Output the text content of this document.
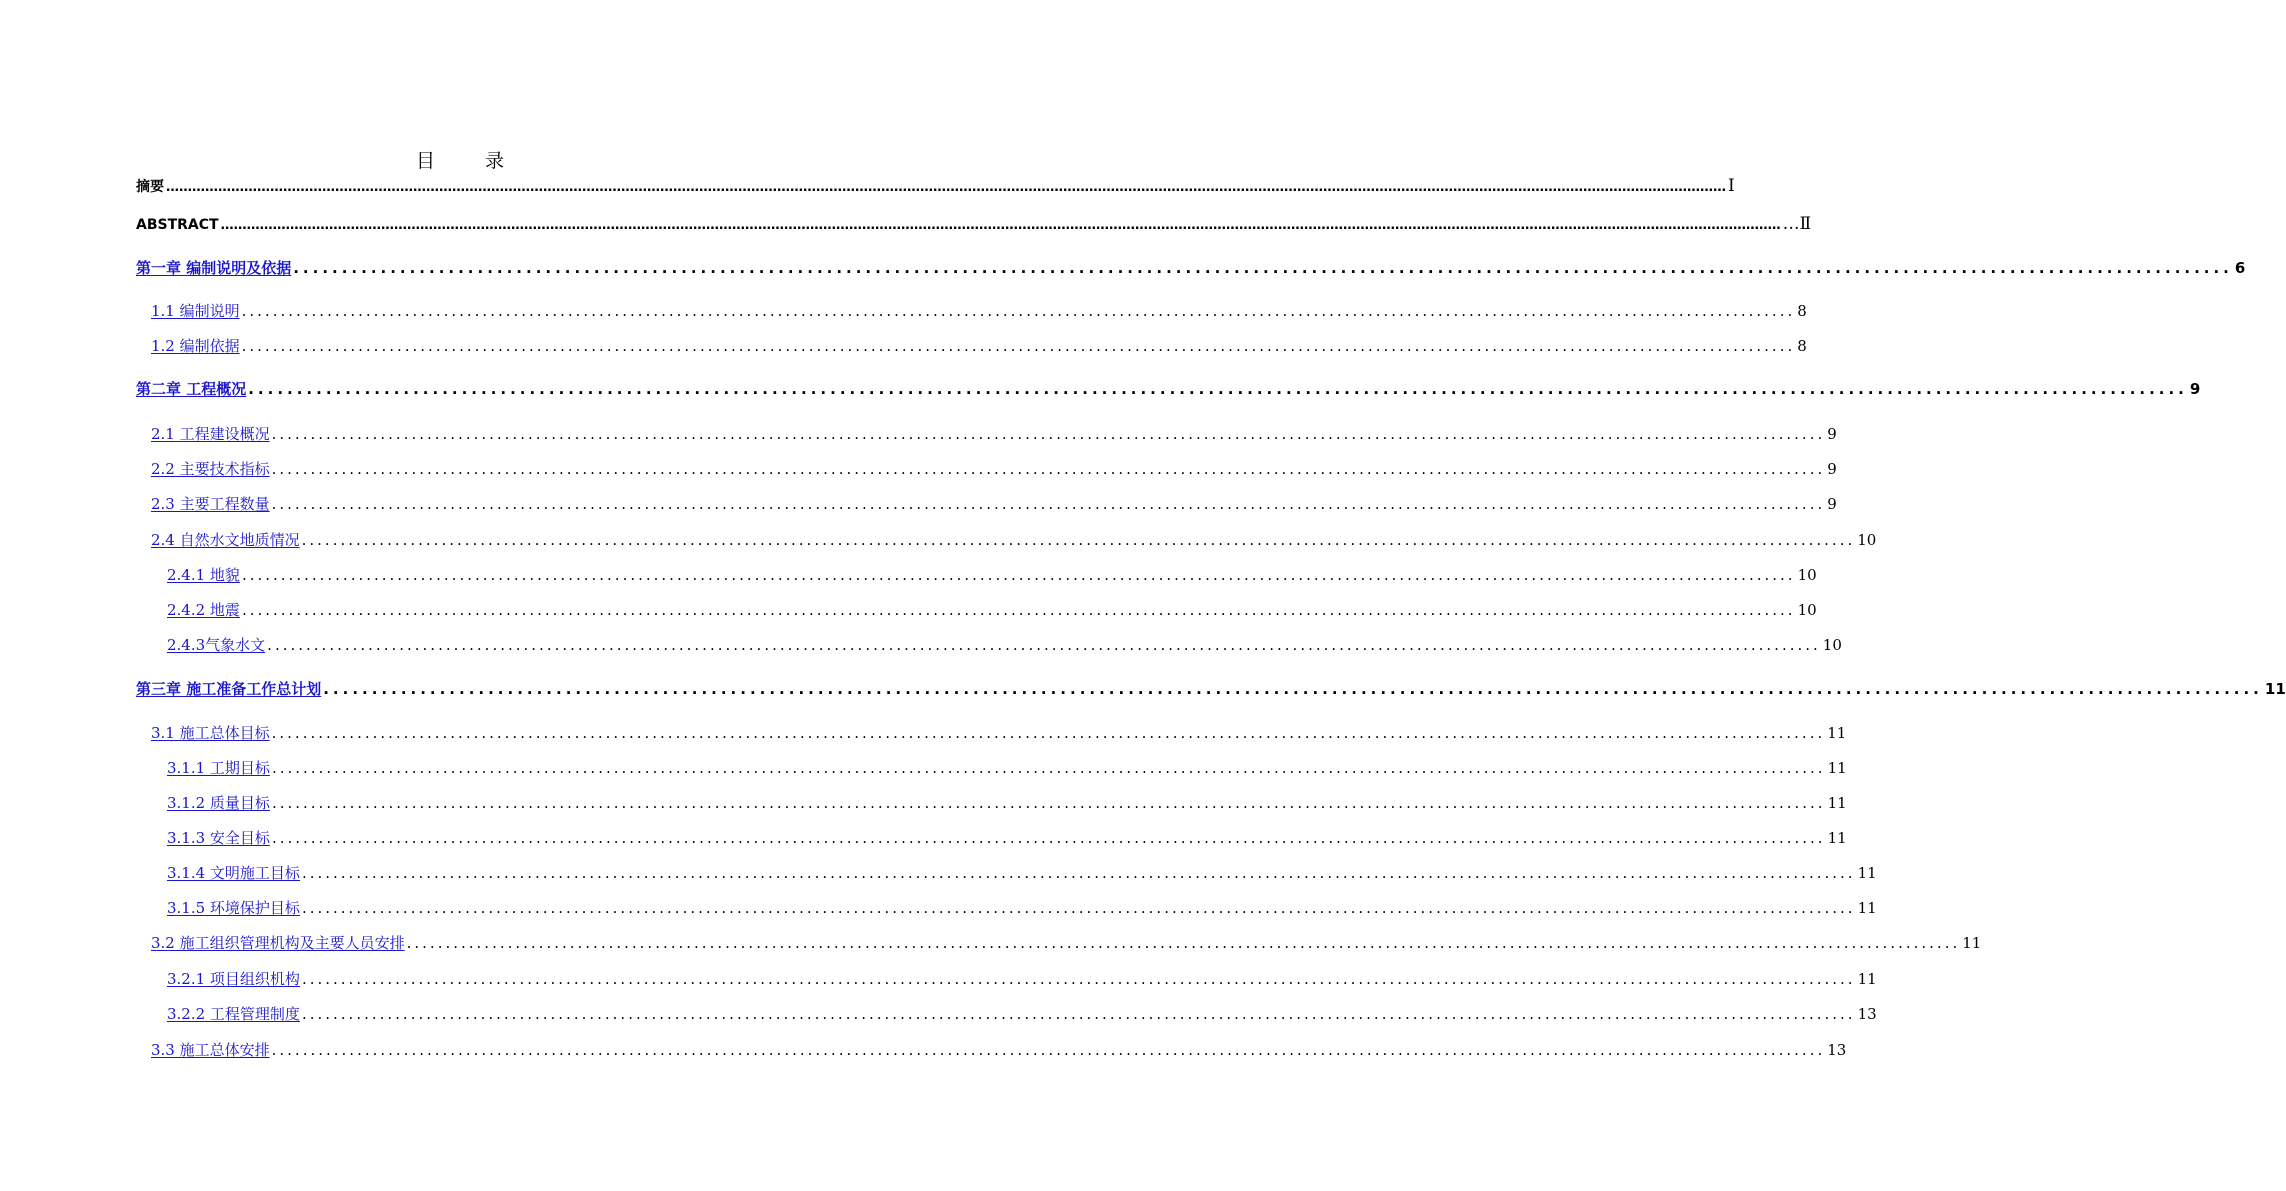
目 录
摘要 ……………………………………………………………………………………………………………………………………………………………………………………………………………………………………………………………………………………………………………………………… Ⅰ
ABSTRACT ……………………………………………………………………………………………………………………………………………………………………………………………………………………………………………………………………………………………………………………………… …Ⅱ
第一章 编制说明及依据 ........................................................................................................................................................................................................ 6
1.1 编制说明 ........................................................................................................................................................................................................ 8
1.2 编制依据 ........................................................................................................................................................................................................ 8
第二章 工程概况 ........................................................................................................................................................................................................ 9
2.1 工程建设概况 ........................................................................................................................................................................................................ 9
2.2 主要技术指标 ........................................................................................................................................................................................................ 9
2.3 主要工程数量 ........................................................................................................................................................................................................ 9
2.4 自然水文地质情况 ........................................................................................................................................................................................................ 10
2.4.1 地貌 ........................................................................................................................................................................................................ 10
2.4.2 地震 ........................................................................................................................................................................................................ 10
2.4.3气象水文 ........................................................................................................................................................................................................ 10
第三章 施工准备工作总计划 ........................................................................................................................................................................................................ 11
3.1 施工总体目标 ........................................................................................................................................................................................................ 11
3.1.1 工期目标 ........................................................................................................................................................................................................ 11
3.1.2 质量目标 ........................................................................................................................................................................................................ 11
3.1.3 安全目标 ........................................................................................................................................................................................................ 11
3.1.4 文明施工目标 ........................................................................................................................................................................................................ 11
3.1.5 环境保护目标 ........................................................................................................................................................................................................ 11
3.2 施工组织管理机构及主要人员安排 ........................................................................................................................................................................................................ 11
3.2.1 项目组织机构 ........................................................................................................................................................................................................ 11
3.2.2 工程管理制度 ........................................................................................................................................................................................................ 13
3.3 施工总体安排 ........................................................................................................................................................................................................ 13
